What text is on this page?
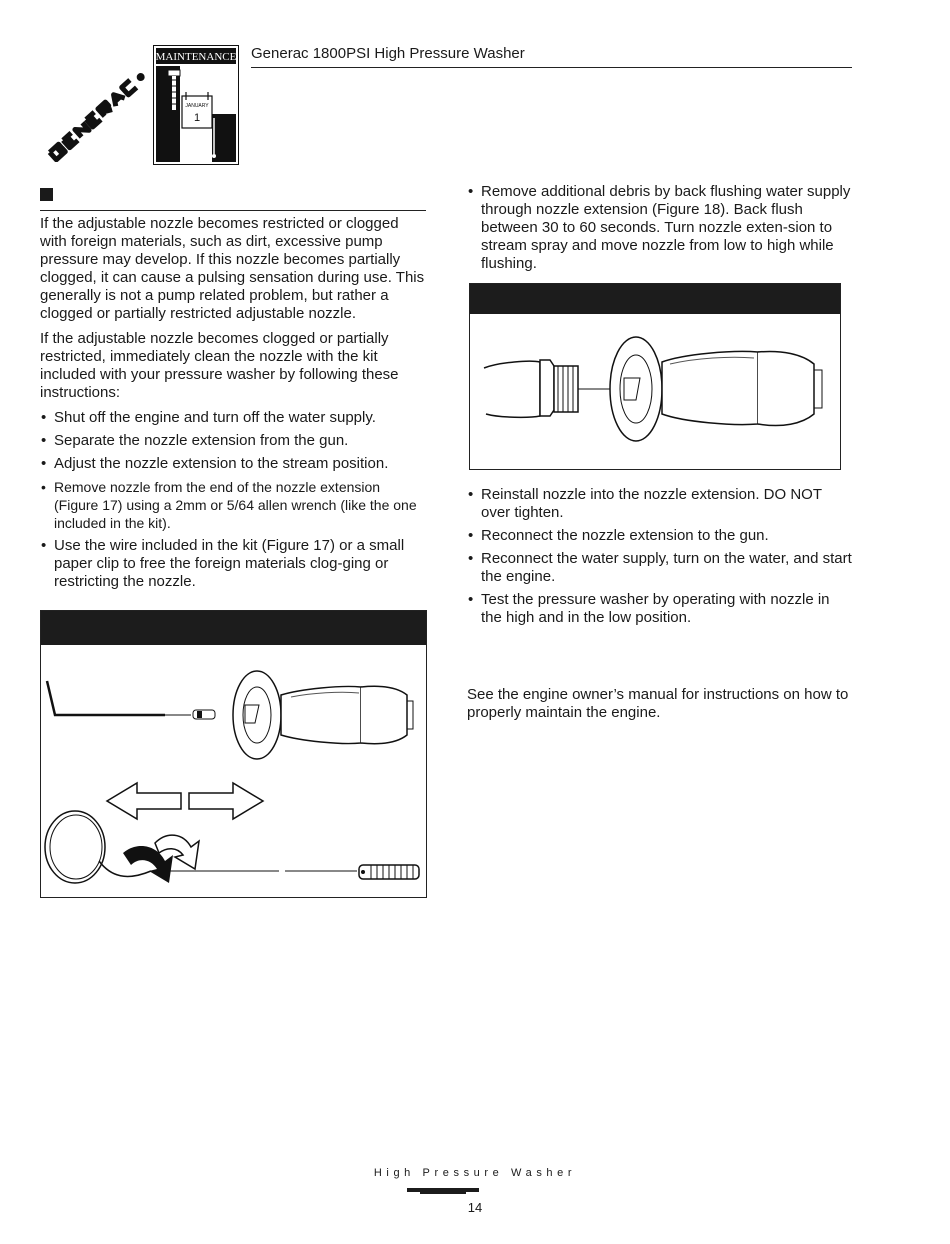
MAINTENANCE
JANUARY
1
Generac 1800PSI High Pressure Washer

If the adjustable nozzle becomes restricted or clogged with foreign materials, such as dirt, excessive pump pressure may develop. If this nozzle becomes partially clogged, it can cause a pulsing sensation during use. This generally is not a pump related problem, but rather a clogged or partially restricted adjustable nozzle.

If the adjustable nozzle becomes clogged or partially restricted, immediately clean the nozzle with the kit included with your pressure washer by following these instructions:

• Shut off the engine and turn off the water supply.
• Separate the nozzle extension from the gun.
• Adjust the nozzle extension to the stream position.
• Remove nozzle from the end of the nozzle extension (Figure 17) using a 2mm or 5/64 allen wrench (like the one included in the kit).
• Use the wire included in the kit (Figure 17) or a small paper clip to free the foreign materials clog-ging or restricting the nozzle.
• Remove additional debris by back flushing water supply through nozzle extension (Figure 18). Back flush between 30 to 60 seconds. Turn nozzle exten-sion to stream spray and move nozzle from low to high while flushing.
• Reinstall nozzle into the nozzle extension. DO NOT over tighten.
• Reconnect the nozzle extension to the gun.
• Reconnect the water supply, turn on the water, and start the engine.
• Test the pressure washer by operating with nozzle in the high and in the low position.
See the engine owner’s manual for instructions on how to properly maintain the engine.
High Pressure Washer
14
